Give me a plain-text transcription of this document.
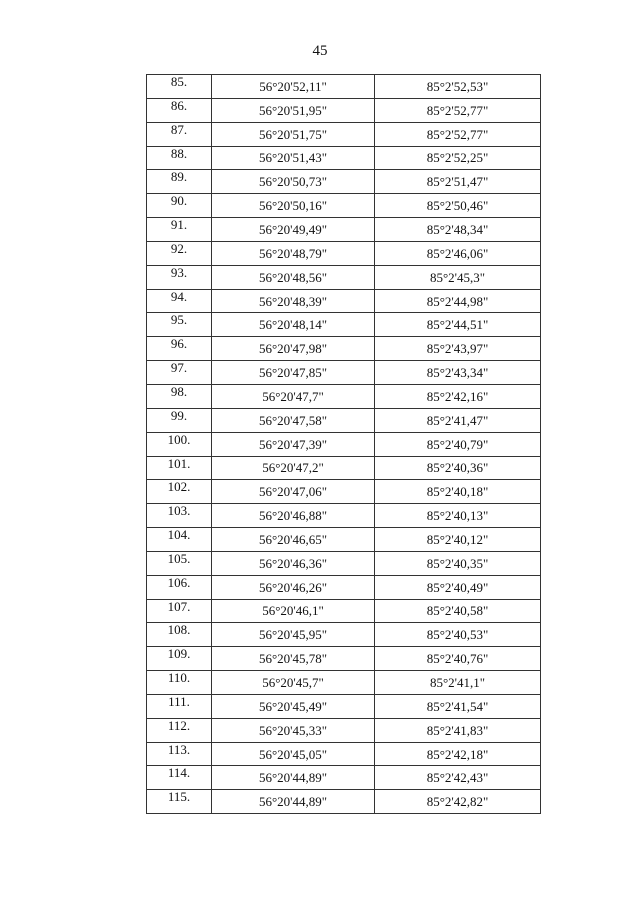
45
85.	56°20'52,11"	85°2'52,53"
86.	56°20'51,95"	85°2'52,77"
87.	56°20'51,75"	85°2'52,77"
88.	56°20'51,43"	85°2'52,25"
89.	56°20'50,73"	85°2'51,47"
90.	56°20'50,16"	85°2'50,46"
91.	56°20'49,49"	85°2'48,34"
92.	56°20'48,79"	85°2'46,06"
93.	56°20'48,56"	85°2'45,3"
94.	56°20'48,39"	85°2'44,98"
95.	56°20'48,14"	85°2'44,51"
96.	56°20'47,98"	85°2'43,97"
97.	56°20'47,85"	85°2'43,34"
98.	56°20'47,7"	85°2'42,16"
99.	56°20'47,58"	85°2'41,47"
100.	56°20'47,39"	85°2'40,79"
101.	56°20'47,2"	85°2'40,36"
102.	56°20'47,06"	85°2'40,18"
103.	56°20'46,88"	85°2'40,13"
104.	56°20'46,65"	85°2'40,12"
105.	56°20'46,36"	85°2'40,35"
106.	56°20'46,26"	85°2'40,49"
107.	56°20'46,1"	85°2'40,58"
108.	56°20'45,95"	85°2'40,53"
109.	56°20'45,78"	85°2'40,76"
110.	56°20'45,7"	85°2'41,1"
111.	56°20'45,49"	85°2'41,54"
112.	56°20'45,33"	85°2'41,83"
113.	56°20'45,05"	85°2'42,18"
114.	56°20'44,89"	85°2'42,43"
115.	56°20'44,89"	85°2'42,82"
